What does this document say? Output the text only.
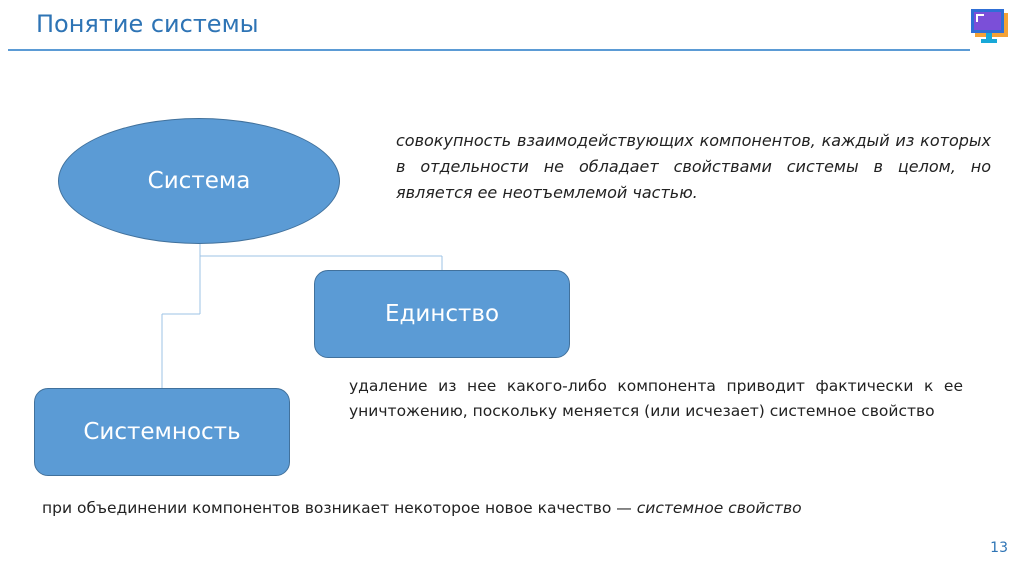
Понятие системы
Система
Единство
Системность
совокупность взаимодействующих компонентов, каждый из которых в отдельности не обладает свойствами системы в целом, но является ее неотъемлемой частью.
удаление из нее какого-либо компонента приводит фактически к ее уничтожению, поскольку меняется (или исчезает) системное свойство
при объединении компонентов возникает некоторое новое качество — системное свойство
13
